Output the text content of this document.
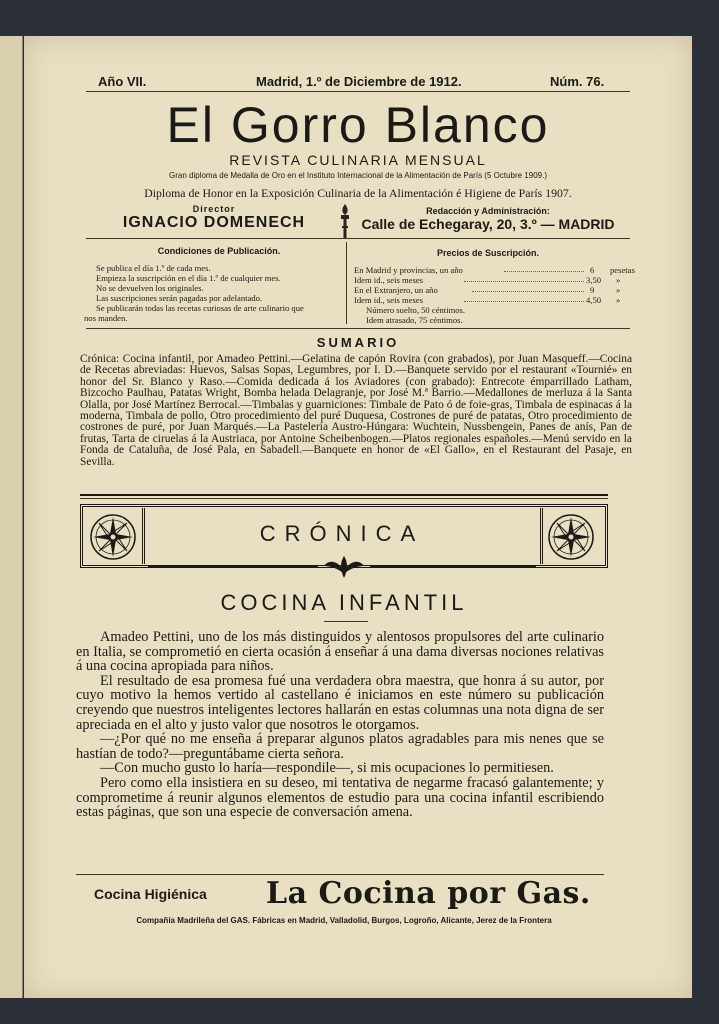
Año VII.	Madrid, 1.º de Diciembre de 1912.	Núm. 76.
El Gorro Blanco
REVISTA CULINARIA MENSUAL
Gran diploma de Medalla de Oro en el Instituto Internacional de la Alimentación de París (5 Octubre 1909.)
Diploma de Honor en la Exposición Culinaria de la Alimentación é Higiene de París 1907.
Director
IGNACIO DOMENECH
Redacción y Administración:
Calle de Echegaray, 20, 3.º — MADRID
Condiciones de Publicación.
Se publica el día 1.º de cada mes.
Empieza la suscripción en el día 1.º de cualquier mes.
No se devuelven los originales.
Las suscripciones serán pagadas por adelantado.
Se publicarán todas las recetas curiosas de arte culinario que
nos manden.
Precios de Suscripción.
En Madrid y provincias, un año	6 pesetas
Idem id., seis meses	3,50 »
En el Extranjero, un año	9	»
Idem id., seis meses	4,50 »
Número suelto, 50 céntimos.
Idem atrasado, 75 céntimos.
SUMARIO
Crónica: Cocina infantil, por Amadeo Pettini.—Gelatina de capón Rovira (con grabados), por Juan Masqueff.—Cocina de Recetas abreviadas: Huevos, Salsas Sopas, Legumbres, por I. D.—Banquete servido por el restaurant «Tournié» en honor del Sr. Blanco y Raso.—Comida dedicada á los Aviadores (con grabado): Entrecote émparrillado Latham, Bizcocho Paulhau, Patatas Wright, Bomba helada Delagranje, por José M.ª Barrio.—Medallones de merluza á la Santa Olalla, por José Martínez Berrocal.—Timbalas y guarniciones: Timbale de Pato ó de foie-gras, Timbala de espinacas á la moderna, Timbala de pollo, Otro procedimiento del puré Duquesa, Costrones de puré de patatas, Otro procedimiento de costrones de puré, por Juan Marqués.—La Pastelería Austro-Húngara: Wuchtein, Nussbengein, Panes de anís, Pan de frutas, Tarta de ciruelas á la Austriaca, por Antoine Scheibenbogen.—Platos regionales españoles.—Menú servido en la Fonda de Cataluña, de José Pala, en Sabadell.—Banquete en honor de «El Gallo», en el Restaurant del Pasaje, en Sevilla.
CRÓNICA
COCINA INFANTIL

Amadeo Pettini, uno de los más distinguidos y alentosos propulsores del arte culinario en Italia, se comprometió en cierta ocasión á enseñar á una dama diversas nociones relativas á una cocina apropiada para niños.

El resultado de esa promesa fué una verdadera obra maestra, que honra á su autor, por cuyo motivo la hemos vertido al castellano é iniciamos en este número su publicación creyendo que nuestros inteligentes lectores hallarán en estas columnas una nota digna de ser apreciada en el alto y justo valor que nosotros le otorgamos.

—¿Por qué no me enseña á preparar algunos platos agradables para mis nenes que se hastían de todo?—preguntábame cierta señora.

—Con mucho gusto lo haría—respondile—, si mis ocupaciones lo permitiesen.

Pero como ella insistiera en su deseo, mi tentativa de negarme fracasó galantemente; y comprometime á reunir algunos elementos de estudio para una cocina infantil escribiendo estas páginas, que son una especie de conversación amena.

Cocina Higiénica La Cocina por Gas.
Compañía Madrileña del GAS. Fábricas en Madrid, Valladolid, Burgos, Logroño, Alicante, Jerez de la Frontera
